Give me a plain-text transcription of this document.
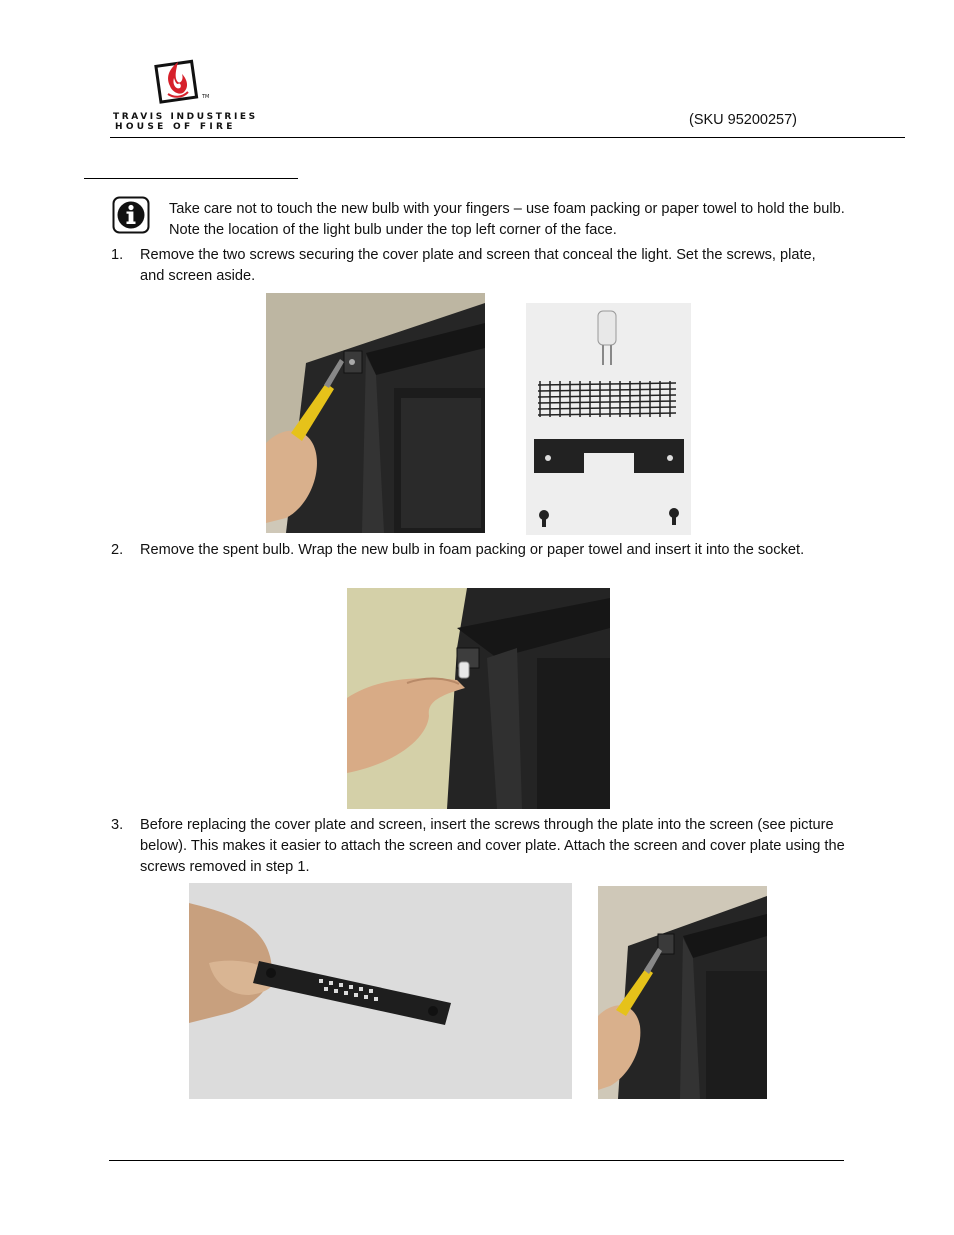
TM
TRAVIS INDUSTRIES
HOUSE OF FIRE	(SKU 95200257)
Take care not to touch the new bulb with your fingers – use foam packing or paper towel to hold the bulb. Note the location of the light bulb under the top left corner of the face.
1. Remove the two screws securing the cover plate and screen that conceal the light. Set the screws, plate, and screen aside.
2. Remove the spent bulb. Wrap the new bulb in foam packing or paper towel and insert it into the socket.
3. Before replacing the cover plate and screen, insert the screws through the plate into the screen (see picture below). This makes it easier to attach the screen and cover plate. Attach the screen and cover plate using the screws removed in step 1.
